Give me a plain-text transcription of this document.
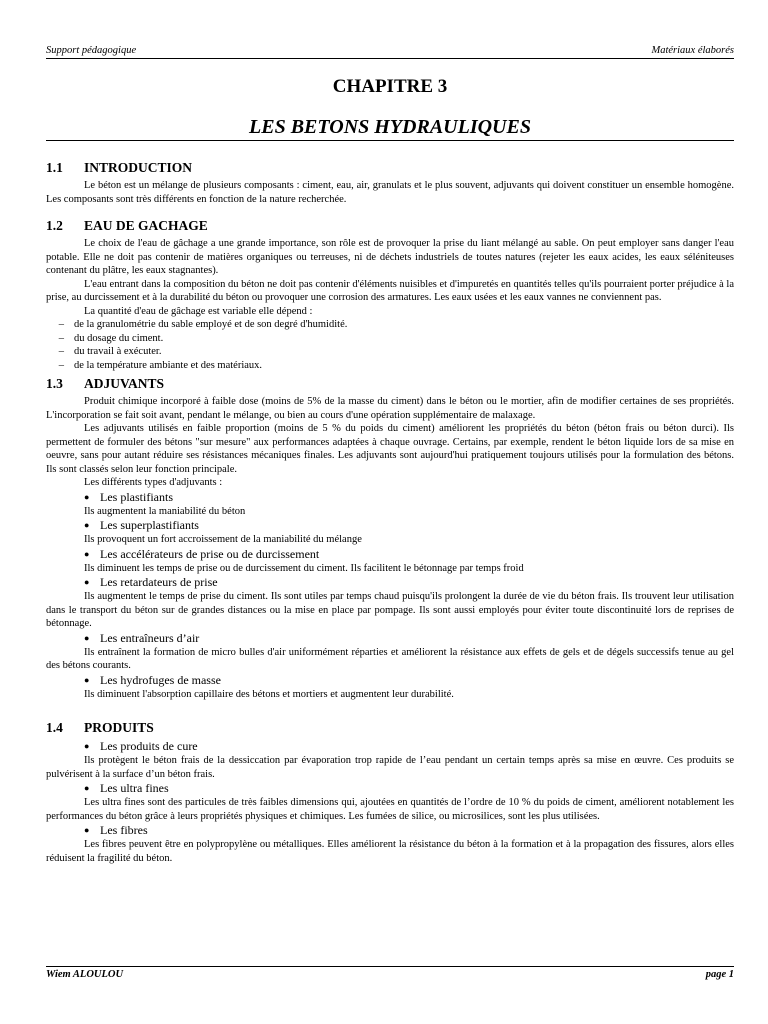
Support pédagogique	Matériaux élaborés
CHAPITRE 3
LES BETONS HYDRAULIQUES
1.1	INTRODUCTION

Le béton est un mélange de plusieurs composants : ciment, eau, air, granulats et le plus souvent, adjuvants qui doivent constituer un ensemble homogène. Les composants sont très différents en fonction de la nature recherchée.

1.2	EAU DE GACHAGE

Le choix de l'eau de gâchage a une grande importance, son rôle est de provoquer la prise du liant mélangé au sable. On peut employer sans danger l'eau potable. Elle ne doit pas contenir de matières organiques ou terreuses, ni de déchets industriels de toutes natures (rejeter les eaux acides, les eaux séléniteuses contenant du plâtre, les eaux stagnantes).

L'eau entrant dans la composition du béton ne doit pas contenir d'éléments nuisibles et d'impuretés en quantités telles qu'ils pourraient porter préjudice à la prise, au durcissement et à la durabilité du béton ou provoquer une corrosion des armatures. Les eaux usées et les eaux vannes ne conviennent pas.

La quantité d'eau de gâchage est variable elle dépend :

– de la granulométrie du sable employé et de son degré d'humidité.
– du dosage du ciment.
– du travail à exécuter.
– de la température ambiante et des matériaux.
1.3	ADJUVANTS

Produit chimique incorporé à faible dose (moins de 5% de la masse du ciment) dans le béton ou le mortier, afin de modifier certaines de ses propriétés. L'incorporation se fait soit avant, pendant le mélange, ou bien au cours d'une opération supplémentaire de malaxage.

Les adjuvants utilisés en faible proportion (moins de 5 % du poids du ciment) améliorent les propriétés du béton (béton frais ou béton durci). Ils permettent de formuler des bétons "sur mesure" aux performances adaptées à chaque ouvrage. Certains, par exemple, rendent le béton liquide lors de sa mise en oeuvre, sans pour autant réduire ses résistances mécaniques finales. Les adjuvants sont aujourd'hui pratiquement toujours utilisés pour la formulation des bétons. Ils sont classés selon leur fonction principale.

Les différents types d'adjuvants :

● Les plastifiants

Ils augmentent la maniabilité du béton

● Les superplastifiants

Ils provoquent un fort accroissement de la maniabilité du mélange

● Les accélérateurs de prise ou de durcissement

Ils diminuent les temps de prise ou de durcissement du ciment. Ils facilitent le bétonnage par temps froid

● Les retardateurs de prise

Ils augmentent le temps de prise du ciment. Ils sont utiles par temps chaud puisqu'ils prolongent la durée de vie du béton frais. Ils trouvent leur utilisation dans le transport du béton sur de grandes distances ou la mise en place par pompage. Ils sont aussi employés pour éviter toute discontinuité lors de reprises de bétonnage.

● Les entraîneurs d’air

Ils entraînent la formation de micro bulles d'air uniformément réparties et améliorent la résistance aux effets de gels et de dégels successifs tenue au gel des bétons courants.

● Les hydrofuges de masse

Ils diminuent l'absorption capillaire des bétons et mortiers et augmentent leur durabilité.

1.4	PRODUITS
● Les produits de cure

Ils protègent le béton frais de la dessiccation par évaporation trop rapide de l’eau pendant un certain temps après sa mise en œuvre. Ces produits se pulvérisent à la surface d’un béton frais.

● Les ultra fines

Les ultra fines sont des particules de très faibles dimensions qui, ajoutées en quantités de l’ordre de 10 % du poids de ciment, améliorent notablement les performances du béton grâce à leurs propriétés physiques et chimiques. Les fumées de silice, ou microsilices, sont les plus utilisées.

● Les fibres

Les fibres peuvent être en polypropylène ou métalliques. Elles améliorent la résistance du béton à la formation et à la propagation des fissures, alors elles réduisent la fragilité du béton.

Wiem ALOULOU	page 1
